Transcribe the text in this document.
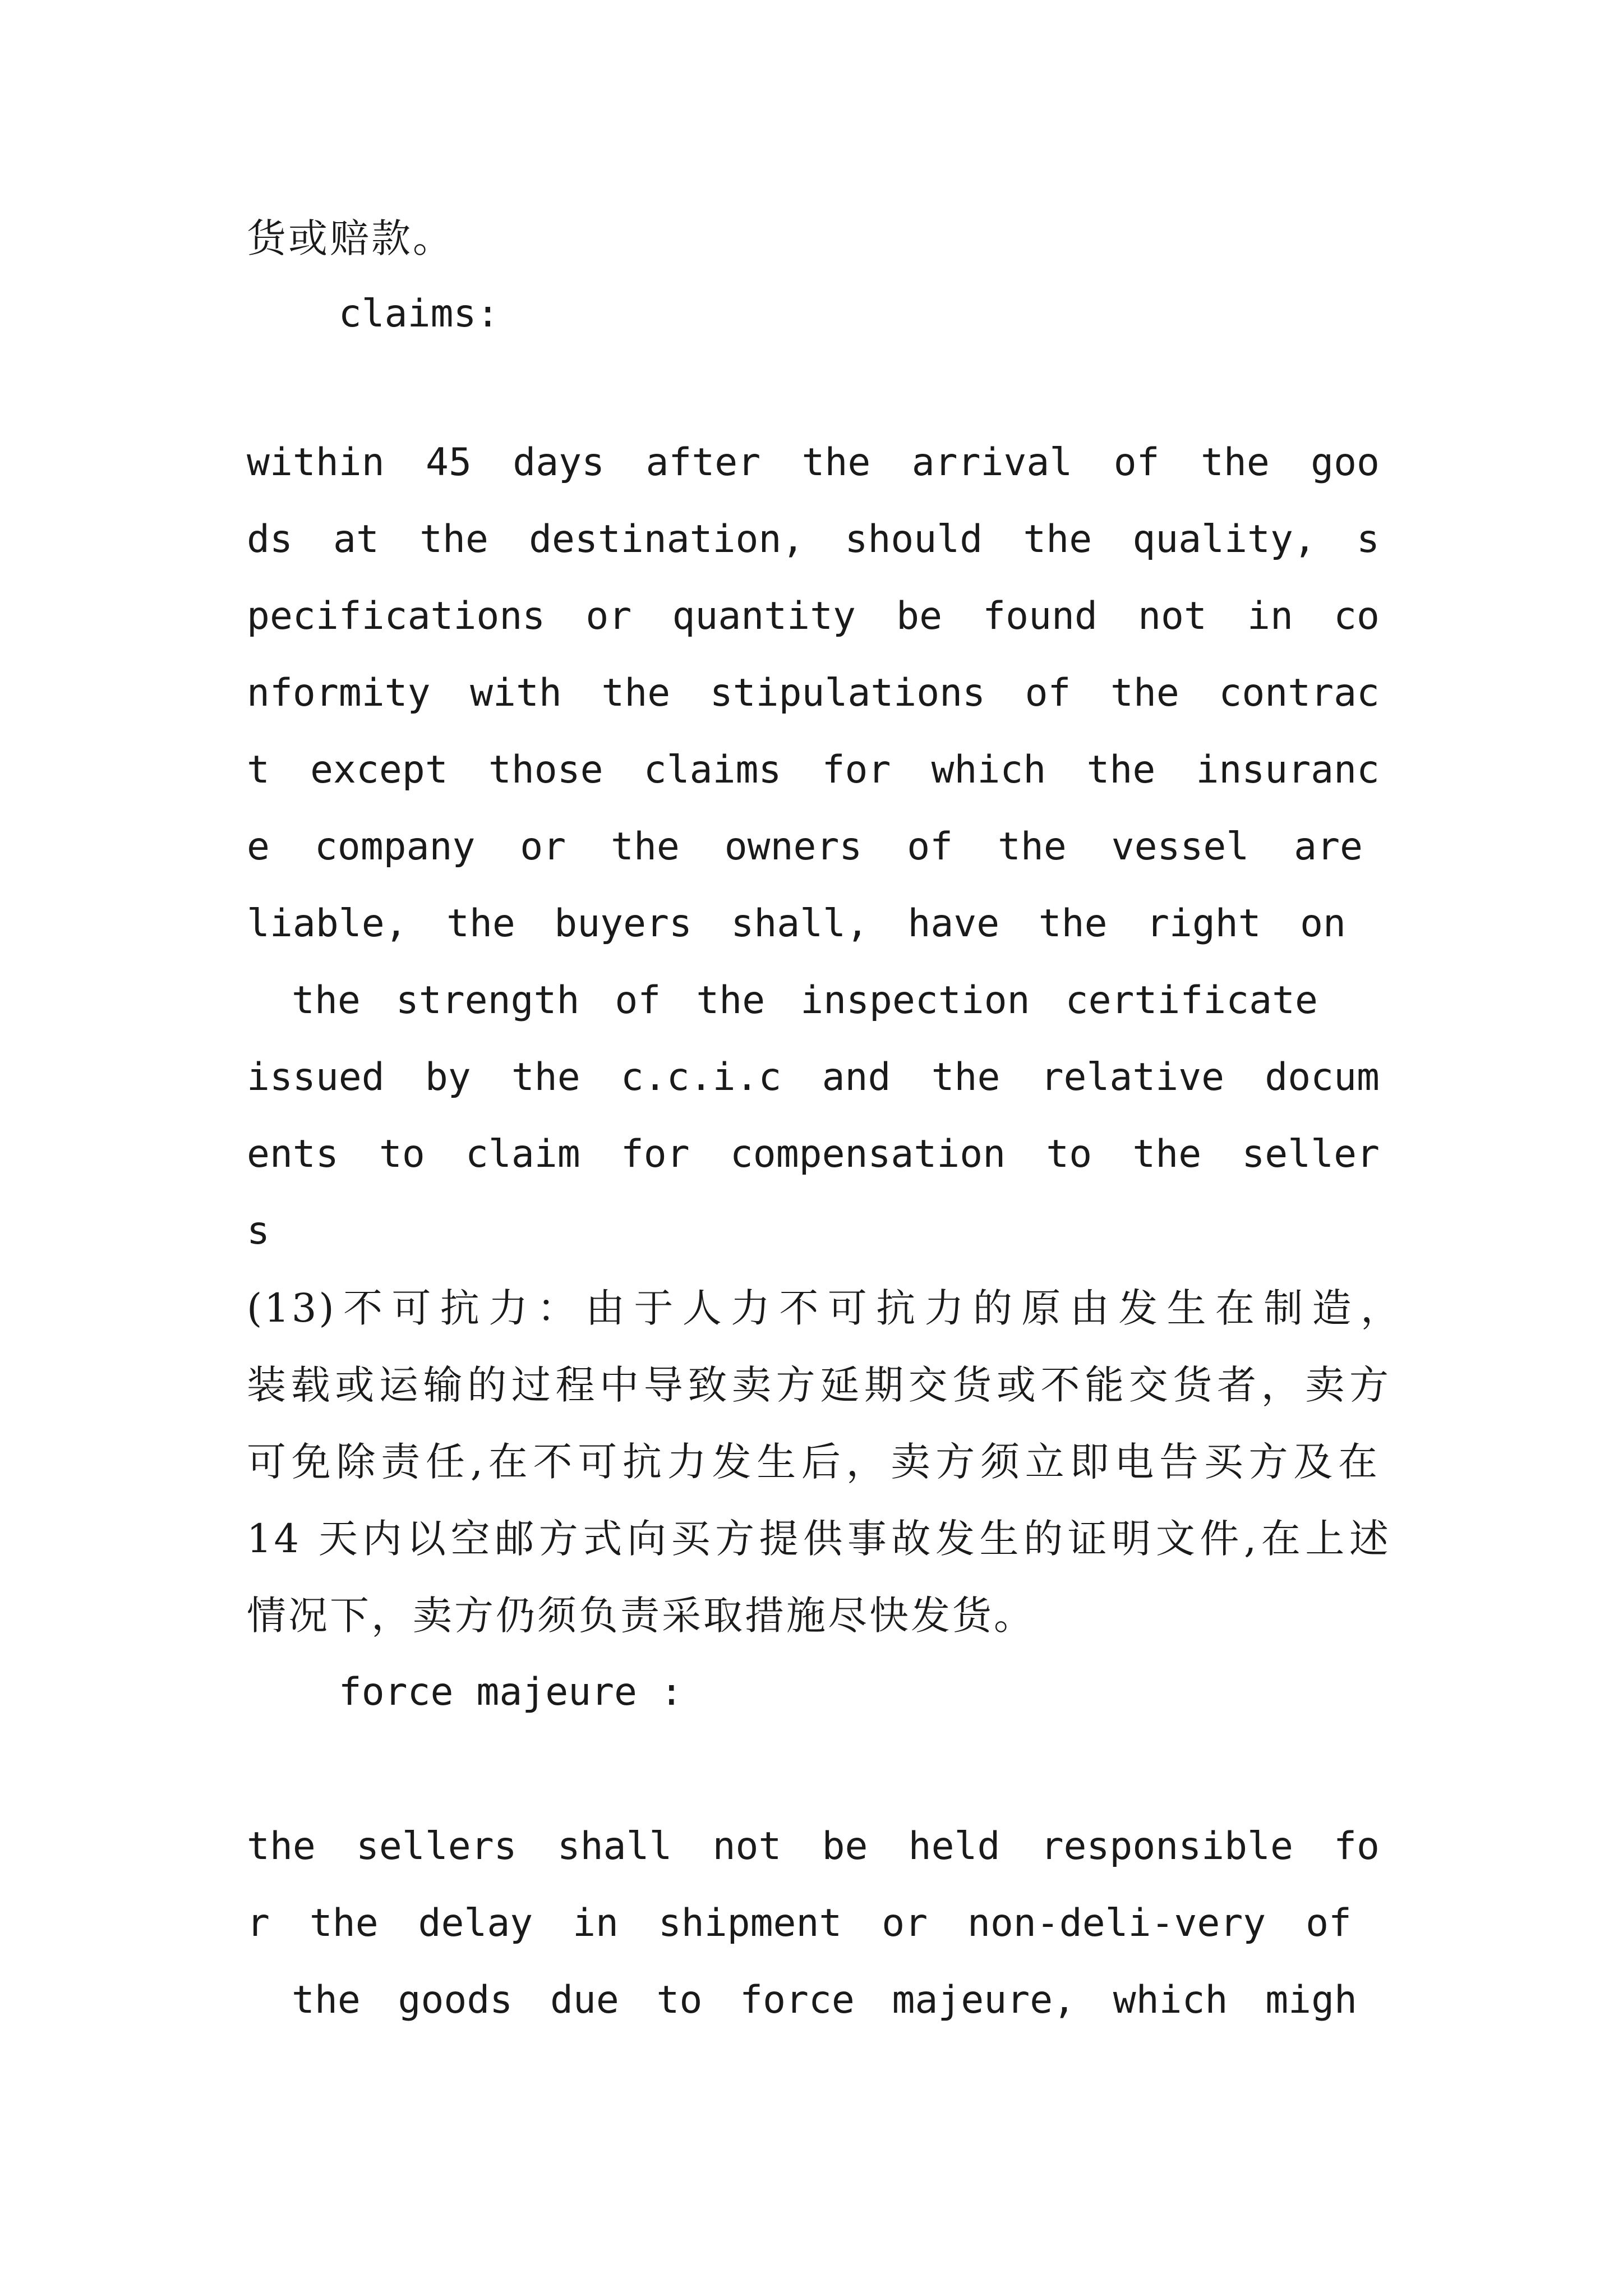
货或赔款。
claims:
within 45 days after the arrival of the goo
ds at the destination, should the quality, s
pecifications or quantity be found not in co
nformity with the stipulations of the contrac
t except those claims for which the insuranc
e company or the owners of the vessel are
liable, the buyers shall, have the right on
the strength of the inspection certificate
issued by the c.c.i.c and the relative docum
ents to claim for compensation to the seller
s
(13)不可抗力：由于人力不可抗力的原由发生在制造，
装载或运输的过程中导致卖方延期交货或不能交货者，卖方
可免除责任,在不可抗力发生后，卖方须立即电告买方及在
14 天内以空邮方式向买方提供事故发生的证明文件,在上述
情况下，卖方仍须负责采取措施尽快发货。
force majeure :
the sellers shall not be held responsible fo
r the delay in shipment or non-deli-very of
the goods due to force majeure, which migh
